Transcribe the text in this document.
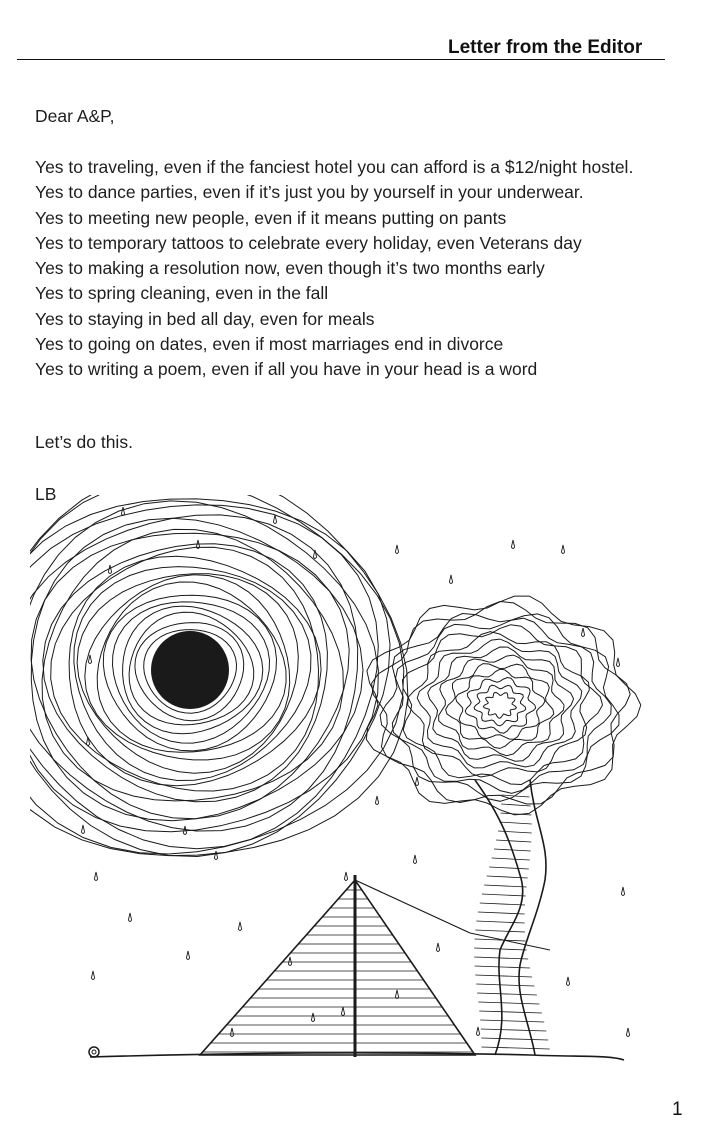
Letter from the Editor
Dear A&P,
Yes to traveling, even if the fanciest hotel you can afford is a $12/night hostel.
Yes to dance parties, even if it’s just you by yourself in your underwear.
Yes to meeting new people, even if it means putting on pants
Yes to temporary tattoos to celebrate every holiday, even Veterans day
Yes to making a resolution now, even though it’s two months early
Yes to spring cleaning, even in the fall
Yes to staying in bed all day, even for meals
Yes to going on dates, even if most marriages end in divorce
Yes to writing a poem, even if all you have in your head is a word
Let’s do this.
LB
1
